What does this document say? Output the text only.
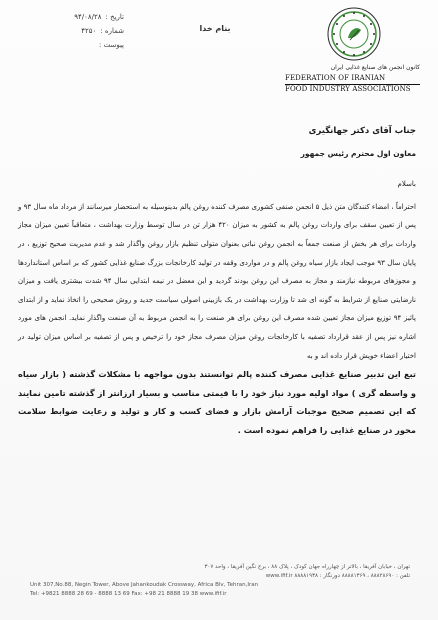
تاریخ :
۹۴/۰۸/۲۸
شماره :
۴۲۵۰
پیوست :
بنام خدا
کانون انجمن های صنایع غذایی ایران
FEDERATION OF IRANIAN
FOOD INDUSTRY ASSOCIATIONS
جناب آقای دکتر جهانگیری
معاون اول محترم رئیس جمهور
باسلام

احتراماً ، امضاء کنندگان متن ذیل ۵ انجمن صنفی کشوری مصرف کننده روغن پالم بدینوسیله به استحضار میرسانند از مرداد ماه سال ۹۳ و پس از تعیین سقف برای واردات روغن پالم به کشور به میزان ۴۲۰ هزار تن در سال توسط وزارت بهداشت ، متعاقباً تعیین میزان مجاز واردات برای هر بخش از صنعت جمعاً به انجمن روغن نباتی بعنوان متولی تنظیم بازار روغن واگذار شد و عدم مدیریت صحیح توزیع ، در پایان سال ۹۳ موجب ایجاد بازار سیاه روغن پالم و در مواردی وقفه در تولید کارخانجات بزرگ صنایع غذایی کشور که بر اساس استانداردها و مجوزهای مربوطه نیازمند و مجاز به مصرف این روغن بودند گردید و این معضل در نیمه ابتدایی سال ۹۴ شدت بیشتری یافت و میزان نارضایتی صنایع از شرایط به گونه ای شد تا وزارت بهداشت در یک بازبینی اصولی سیاست جدید و روش صحیحی را اتخاذ نماید و از ابتدای پائیز ۹۴ توزیع میزان مجاز تعیین شده مصرف این روغن برای هر صنعت را به انجمن مربوط به آن صنعت واگذار نماید. انجمن های مورد اشاره نیز پس از عقد قرارداد تصفیه با کارخانجات روغن میزان مصرف مجاز خود را ترخیص و پس از تصفیه بر اساس میزان تولید در اختیار اعضاء خویش قرار داده اند و به

تبع این تدبیر صنایع غذایی مصرف کننده پالم توانستند بدون مواجهه با مشکلات گذشته ( بازار سیاه و واسطه گری ) مواد اولیه مورد نیاز خود را با قیمتی مناسب و بسیار ارزانتر از گذشته تامین نمایند که این تصمیم صحیح موجبات آرامش بازار و فضای کسب و کار و تولید و رعایت ضوابط سلامت محور در صنایع غذایی را فراهم نموده است .

تهران ، خیابان آفریقا ، بالاتر از چهارراه جهان کودک ، پلاک ۸۸ ، برج نگین آفریقا ، واحد ۳۰۷
تلفن : ۸۸۸۲۸۶۹۰ ، ۸۸۸۸۱۳۶۹ دورنگار : ۸۸۸۸۱۹۳۸ www.ifif.ir
Unit 307,No.88, Negin Tower, Above Jahankoudak Crossway, Africa Blv, Tehran,Iran
Tel: +9821 8888 28 69 - 8888 13 69 Fax: +98 21 8888 19 38 www.ifif.ir
